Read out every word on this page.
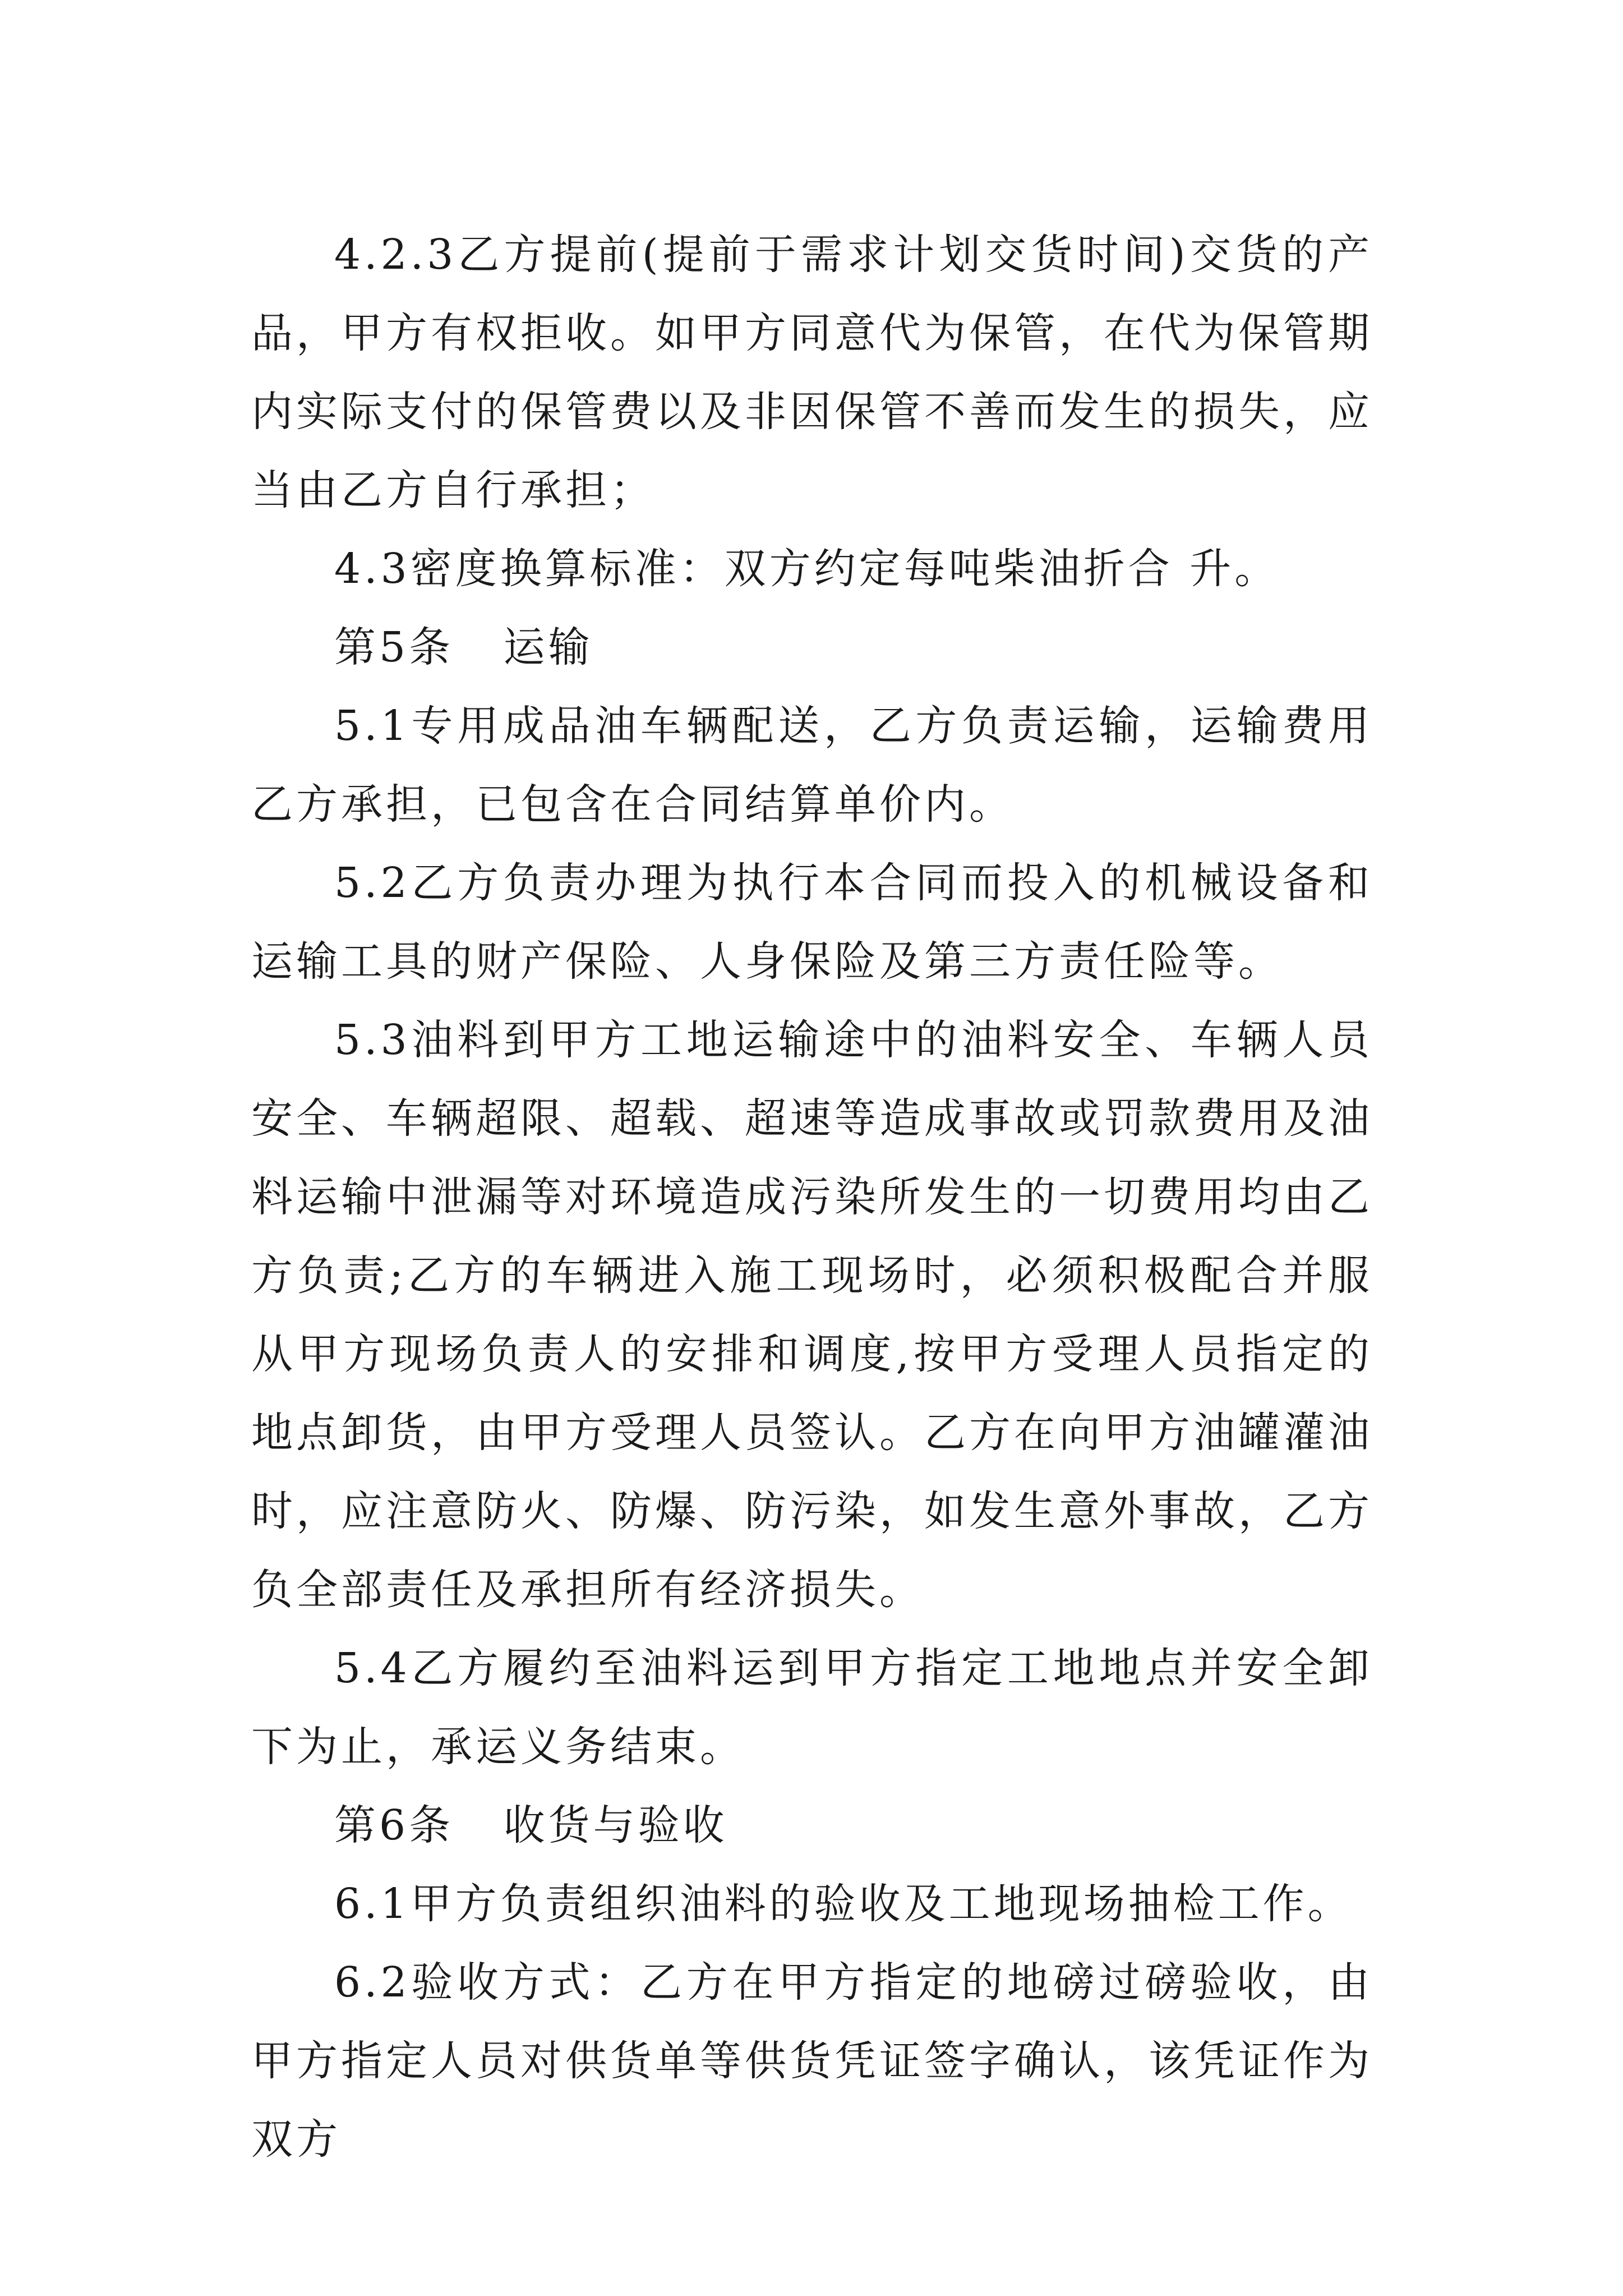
4.2.3乙方提前(提前于需求计划交货时间)交货的产品，甲方有权拒收。如甲方同意代为保管，在代为保管期内实际支付的保管费以及非因保管不善而发生的损失，应当由乙方自行承担；

4.3密度换算标准：双方约定每吨柴油折合 升。

第5条   运输

5.1专用成品油车辆配送，乙方负责运输，运输费用乙方承担，已包含在合同结算单价内。

5.2乙方负责办理为执行本合同而投入的机械设备和运输工具的财产保险、人身保险及第三方责任险等。

5.3油料到甲方工地运输途中的油料安全、车辆人员安全、车辆超限、超载、超速等造成事故或罚款费用及油料运输中泄漏等对环境造成污染所发生的一切费用均由乙方负责;乙方的车辆进入施工现场时，必须积极配合并服从甲方现场负责人的安排和调度,按甲方受理人员指定的地点卸货，由甲方受理人员签认。乙方在向甲方油罐灌油时，应注意防火、防爆、防污染，如发生意外事故，乙方负全部责任及承担所有经济损失。

5.4乙方履约至油料运到甲方指定工地地点并安全卸下为止，承运义务结束。

第6条   收货与验收

6.1甲方负责组织油料的验收及工地现场抽检工作。

6.2验收方式：乙方在甲方指定的地磅过磅验收，由甲方指定人员对供货单等供货凭证签字确认，该凭证作为双方
